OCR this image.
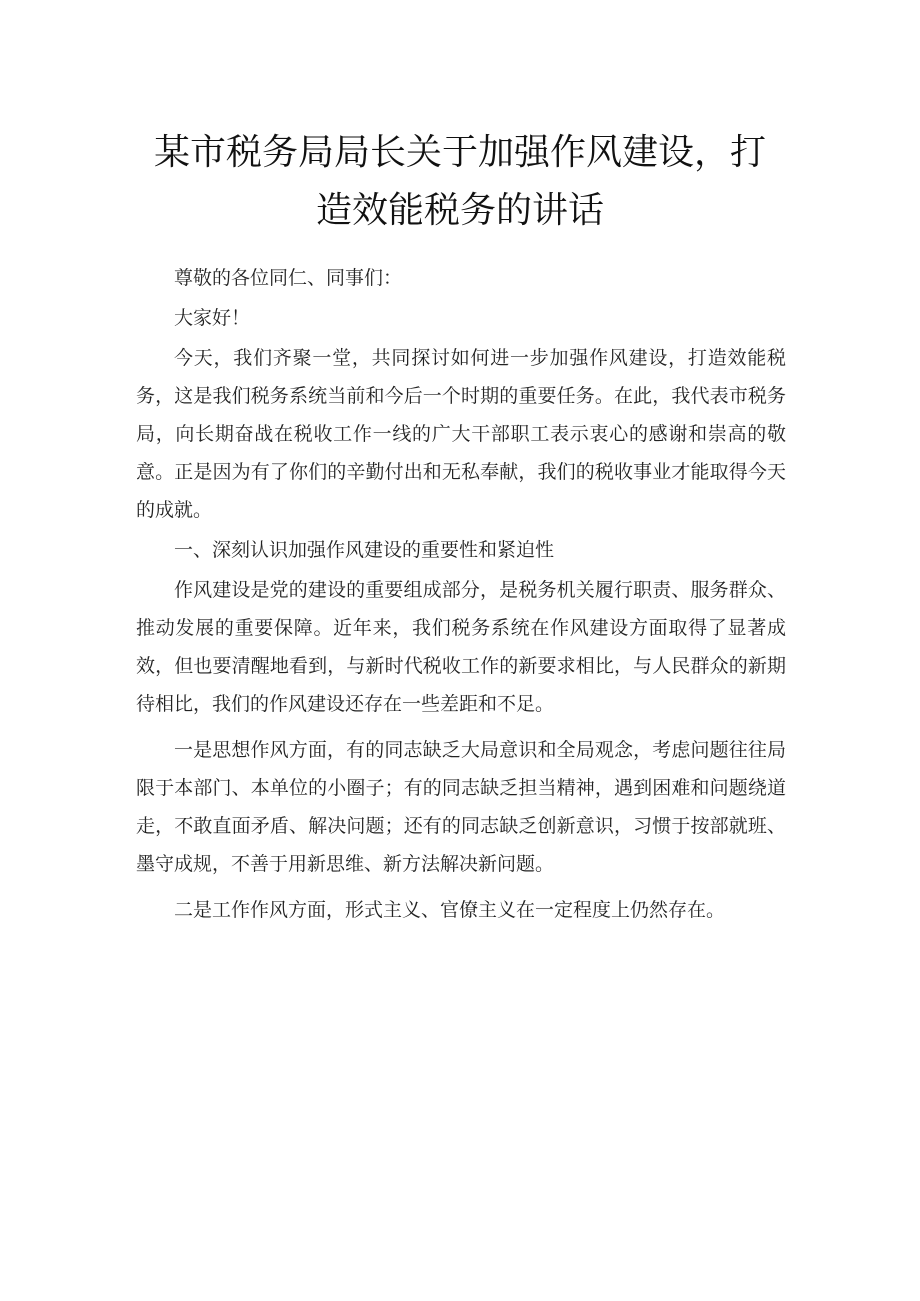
某市税务局局长关于加强作风建设，打
造效能税务的讲话

尊敬的各位同仁、同事们：

大家好！

今天，我们齐聚一堂，共同探讨如何进一步加强作风建设，打造效能税务，这是我们税务系统当前和今后一个时期的重要任务。在此，我代表市税务局，向长期奋战在税收工作一线的广大干部职工表示衷心的感谢和崇高的敬意。正是因为有了你们的辛勤付出和无私奉献，我们的税收事业才能取得今天的成就。

一、深刻认识加强作风建设的重要性和紧迫性

作风建设是党的建设的重要组成部分，是税务机关履行职责、服务群众、推动发展的重要保障。近年来，我们税务系统在作风建设方面取得了显著成效，但也要清醒地看到，与新时代税收工作的新要求相比，与人民群众的新期待相比，我们的作风建设还存在一些差距和不足。

一是思想作风方面，有的同志缺乏大局意识和全局观念，考虑问题往往局限于本部门、本单位的小圈子；有的同志缺乏担当精神，遇到困难和问题绕道走，不敢直面矛盾、解决问题；还有的同志缺乏创新意识，习惯于按部就班、墨守成规，不善于用新思维、新方法解决新问题。

二是工作作风方面，形式主义、官僚主义在一定程度上仍然存在。
